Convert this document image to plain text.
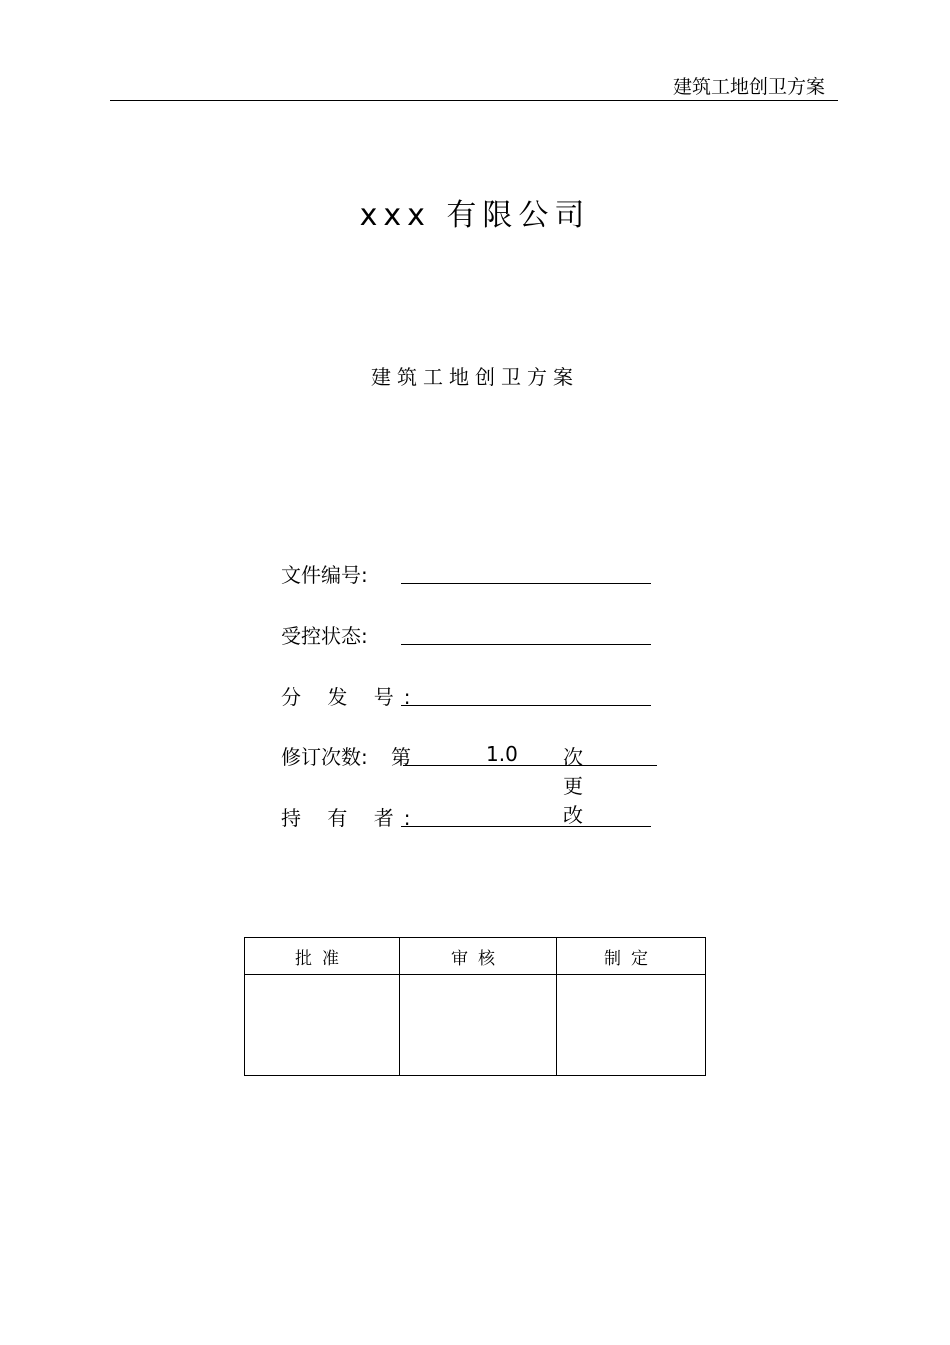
建筑工地创卫方案
xxx 有限公司
建筑工地创卫方案
文件编号:
受控状态:
分 发 号:
修订次数: 第	1.0 次更改
持 有 者:
批准	审核	制定
